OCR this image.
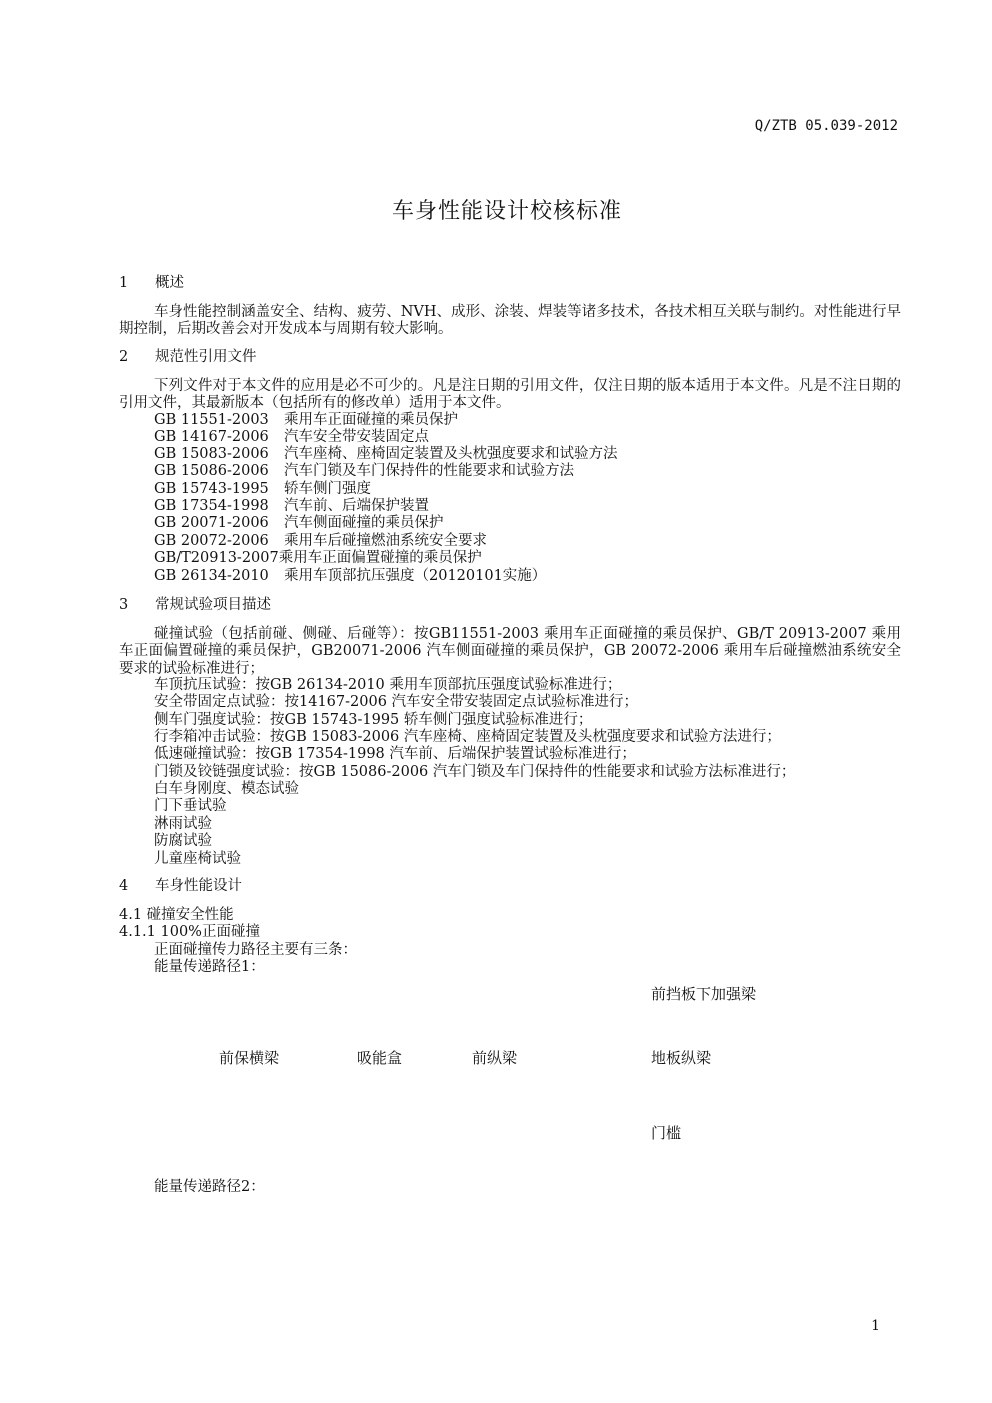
Q/ZTB 05.039-2012
车身性能设计校核标准
1 概述
车身性能控制涵盖安全、结构、疲劳、NVH、成形、涂装、焊装等诸多技术，各技术相互关联与制约。对性能进行早期控制，后期改善会对开发成本与周期有较大影响。
2 规范性引用文件
下列文件对于本文件的应用是必不可少的。凡是注日期的引用文件，仅注日期的版本适用于本文件。凡是不注日期的引用文件，其最新版本（包括所有的修改单）适用于本文件。
GB 11551-2003 乘用车正面碰撞的乘员保护
GB 14167-2006 汽车安全带安装固定点
GB 15083-2006 汽车座椅、座椅固定装置及头枕强度要求和试验方法
GB 15086-2006 汽车门锁及车门保持件的性能要求和试验方法
GB 15743-1995 轿车侧门强度
GB 17354-1998 汽车前、后端保护装置
GB 20071-2006 汽车侧面碰撞的乘员保护
GB 20072-2006 乘用车后碰撞燃油系统安全要求
GB/T20913-2007乘用车正面偏置碰撞的乘员保护
GB 26134-2010 乘用车顶部抗压强度（20120101实施）
3 常规试验项目描述
碰撞试验（包括前碰、侧碰、后碰等）：按GB11551-2003 乘用车正面碰撞的乘员保护、GB/T 20913-2007 乘用车正面偏置碰撞的乘员保护，GB20071-2006 汽车侧面碰撞的乘员保护，GB 20072-2006 乘用车后碰撞燃油系统安全要求的试验标准进行；
车顶抗压试验：按GB 26134-2010 乘用车顶部抗压强度试验标准进行；
安全带固定点试验：按14167-2006 汽车安全带安装固定点试验标准进行；
侧车门强度试验：按GB 15743-1995 轿车侧门强度试验标准进行；
行李箱冲击试验：按GB 15083-2006 汽车座椅、座椅固定装置及头枕强度要求和试验方法进行；
低速碰撞试验：按GB 17354-1998 汽车前、后端保护装置试验标准进行；
门锁及铰链强度试验：按GB 15086-2006 汽车门锁及车门保持件的性能要求和试验方法标准进行；
白车身刚度、模态试验
门下垂试验
淋雨试验
防腐试验
儿童座椅试验
4 车身性能设计
4.1 碰撞安全性能
4.1.1 100%正面碰撞
正面碰撞传力路径主要有三条：
能量传递路径1：
前挡板下加强梁
前保横梁	吸能盒	前纵梁	地板纵梁
门槛
能量传递路径2：
1
